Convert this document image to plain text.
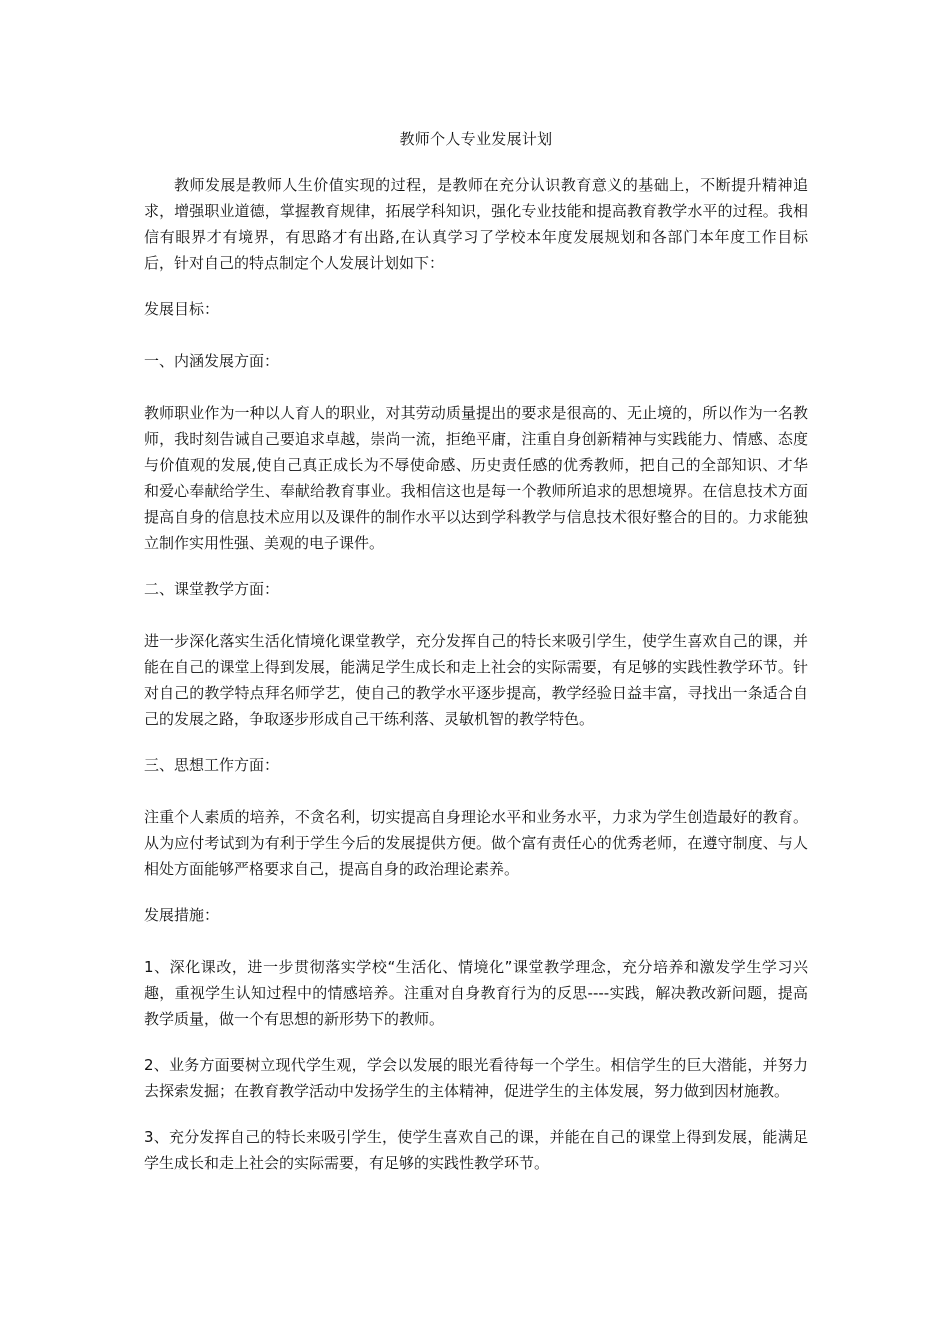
教师个人专业发展计划
教师发展是教师人生价值实现的过程，是教师在充分认识教育意义的基础上，不断提升精神追求，增强职业道德，掌握教育规律，拓展学科知识，强化专业技能和提高教育教学水平的过程。我相信有眼界才有境界，有思路才有出路,在认真学习了学校本年度发展规划和各部门本年度工作目标后，针对自己的特点制定个人发展计划如下：
发展目标：
一、内涵发展方面：
教师职业作为一种以人育人的职业，对其劳动质量提出的要求是很高的、无止境的，所以作为一名教师，我时刻告诫自己要追求卓越，崇尚一流，拒绝平庸，注重自身创新精神与实践能力、情感、态度与价值观的发展,使自己真正成长为不辱使命感、历史责任感的优秀教师，把自己的全部知识、才华和爱心奉献给学生、奉献给教育事业。我相信这也是每一个教师所追求的思想境界。在信息技术方面提高自身的信息技术应用以及课件的制作水平以达到学科教学与信息技术很好整合的目的。力求能独立制作实用性强、美观的电子课件。
二、课堂教学方面：
进一步深化落实生活化情境化课堂教学，充分发挥自己的特长来吸引学生，使学生喜欢自己的课，并能在自己的课堂上得到发展，能满足学生成长和走上社会的实际需要，有足够的实践性教学环节。针对自己的教学特点拜名师学艺，使自己的教学水平逐步提高，教学经验日益丰富，寻找出一条适合自己的发展之路，争取逐步形成自己干练利落、灵敏机智的教学特色。
三、思想工作方面：
注重个人素质的培养，不贪名利，切实提高自身理论水平和业务水平，力求为学生创造最好的教育。从为应付考试到为有利于学生今后的发展提供方便。做个富有责任心的优秀老师，在遵守制度、与人相处方面能够严格要求自己，提高自身的政治理论素养。
发展措施：
1、深化课改，进一步贯彻落实学校“生活化、情境化”课堂教学理念，充分培养和激发学生学习兴趣，重视学生认知过程中的情感培养。注重对自身教育行为的反思----实践，解决教改新问题，提高教学质量，做一个有思想的新形势下的教师。
2、业务方面要树立现代学生观，学会以发展的眼光看待每一个学生。相信学生的巨大潜能，并努力去探索发掘；在教育教学活动中发扬学生的主体精神，促进学生的主体发展，努力做到因材施教。
3、充分发挥自己的特长来吸引学生，使学生喜欢自己的课，并能在自己的课堂上得到发展，能满足学生成长和走上社会的实际需要，有足够的实践性教学环节。
